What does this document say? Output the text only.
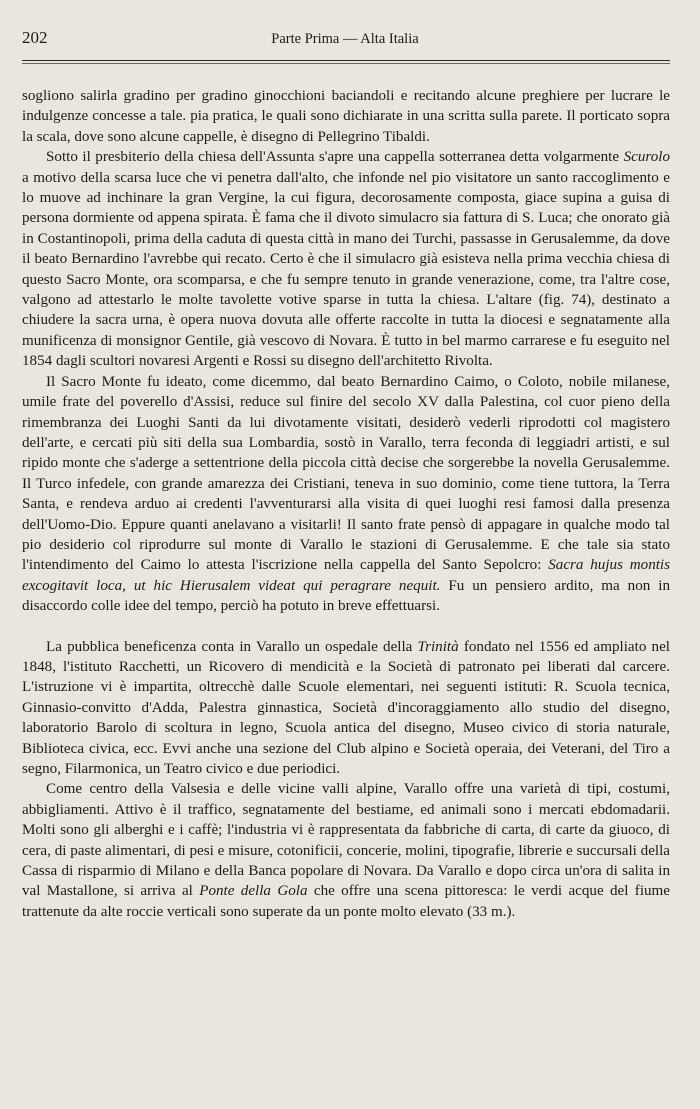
202	Parte Prima — Alta Italia

sogliono salirla gradino per gradino ginocchioni baciandoli e recitando alcune preghiere per lucrare le indulgenze concesse a tale. pia pratica, le quali sono dichiarate in una scritta sulla parete. Il porticato sopra la scala, dove sono alcune cappelle, è disegno di Pellegrino Tibaldi.

Sotto il presbiterio della chiesa dell'Assunta s'apre una cappella sotterranea detta volgarmente Scurolo a motivo della scarsa luce che vi penetra dall'alto, che infonde nel pio visitatore un santo raccoglimento e lo muove ad inchinare la gran Vergine, la cui figura, decorosamente composta, giace supina a guisa di persona dormiente od appena spirata. È fama che il divoto simulacro sia fattura di S. Luca; che onorato già in Costantinopoli, prima della caduta di questa città in mano dei Turchi, passasse in Gerusalemme, da dove il beato Bernardino l'avrebbe qui recato. Certo è che il simulacro già esisteva nella prima vecchia chiesa di questo Sacro Monte, ora scomparsa, e che fu sempre tenuto in grande venerazione, come, tra l'altre cose, valgono ad attestarlo le molte tavolette votive sparse in tutta la chiesa. L'altare (fig. 74), destinato a chiudere la sacra urna, è opera nuova dovuta alle offerte raccolte in tutta la diocesi e segnatamente alla munificenza di monsignor Gentile, già vescovo di Novara. È tutto in bel marmo carrarese e fu eseguito nel 1854 dagli scultori novaresi Argenti e Rossi su disegno dell'architetto Rivolta.

Il Sacro Monte fu ideato, come dicemmo, dal beato Bernardino Caimo, o Coloto, nobile milanese, umile frate del poverello d'Assisi, reduce sul finire del secolo XV dalla Palestina, col cuor pieno della rimembranza dei Luoghi Santi da lui divotamente visitati, desiderò vederli riprodotti col magistero dell'arte, e cercati più siti della sua Lombardia, sostò in Varallo, terra feconda di leggiadri artisti, e sul ripido monte che s'aderge a settentrione della piccola città decise che sorgerebbe la novella Gerusalemme. Il Turco infedele, con grande amarezza dei Cristiani, teneva in suo dominio, come tiene tuttora, la Terra Santa, e rendeva arduo ai credenti l'avventurarsi alla visita di quei luoghi resi famosi dalla presenza dell'Uomo-Dio. Eppure quanti anelavano a visitarli! Il santo frate pensò di appagare in qualche modo tal pio desiderio col riprodurre sul monte di Varallo le stazioni di Gerusalemme. E che tale sia stato l'intendimento del Caimo lo attesta l'iscrizione nella cappella del Santo Sepolcro: Sacra hujus montis excogitavit loca, ut hic Hierusalem videat qui peragrare nequit. Fu un pensiero ardito, ma non in disaccordo colle idee del tempo, perciò ha potuto in breve effettuarsi.

La pubblica beneficenza conta in Varallo un ospedale della Trinità fondato nel 1556 ed ampliato nel 1848, l'istituto Racchetti, un Ricovero di mendicità e la Società di patronato pei liberati dal carcere. L'istruzione vi è impartita, oltrecchè dalle Scuole elementari, nei seguenti istituti: R. Scuola tecnica, Ginnasio-convitto d'Adda, Palestra ginnastica, Società d'incoraggiamento allo studio del disegno, laboratorio Barolo di scoltura in legno, Scuola antica del disegno, Museo civico di storia naturale, Biblioteca civica, ecc. Evvi anche una sezione del Club alpino e Società operaia, dei Veterani, del Tiro a segno, Filarmonica, un Teatro civico e due periodici.

Come centro della Valsesia e delle vicine valli alpine, Varallo offre una varietà di tipi, costumi, abbigliamenti. Attivo è il traffico, segnatamente del bestiame, ed animali sono i mercati ebdomadarii. Molti sono gli alberghi e i caffè; l'industria vi è rappresentata da fabbriche di carta, di carte da giuoco, di cera, di paste alimentari, di pesi e misure, cotonificii, concerie, molini, tipografie, librerie e succursali della Cassa di risparmio di Milano e della Banca popolare di Novara. Da Varallo e dopo circa un'ora di salita in val Mastallone, si arriva al Ponte della Gola che offre una scena pittoresca: le verdi acque del fiume trattenute da alte roccie verticali sono superate da un ponte molto elevato (33 m.).
